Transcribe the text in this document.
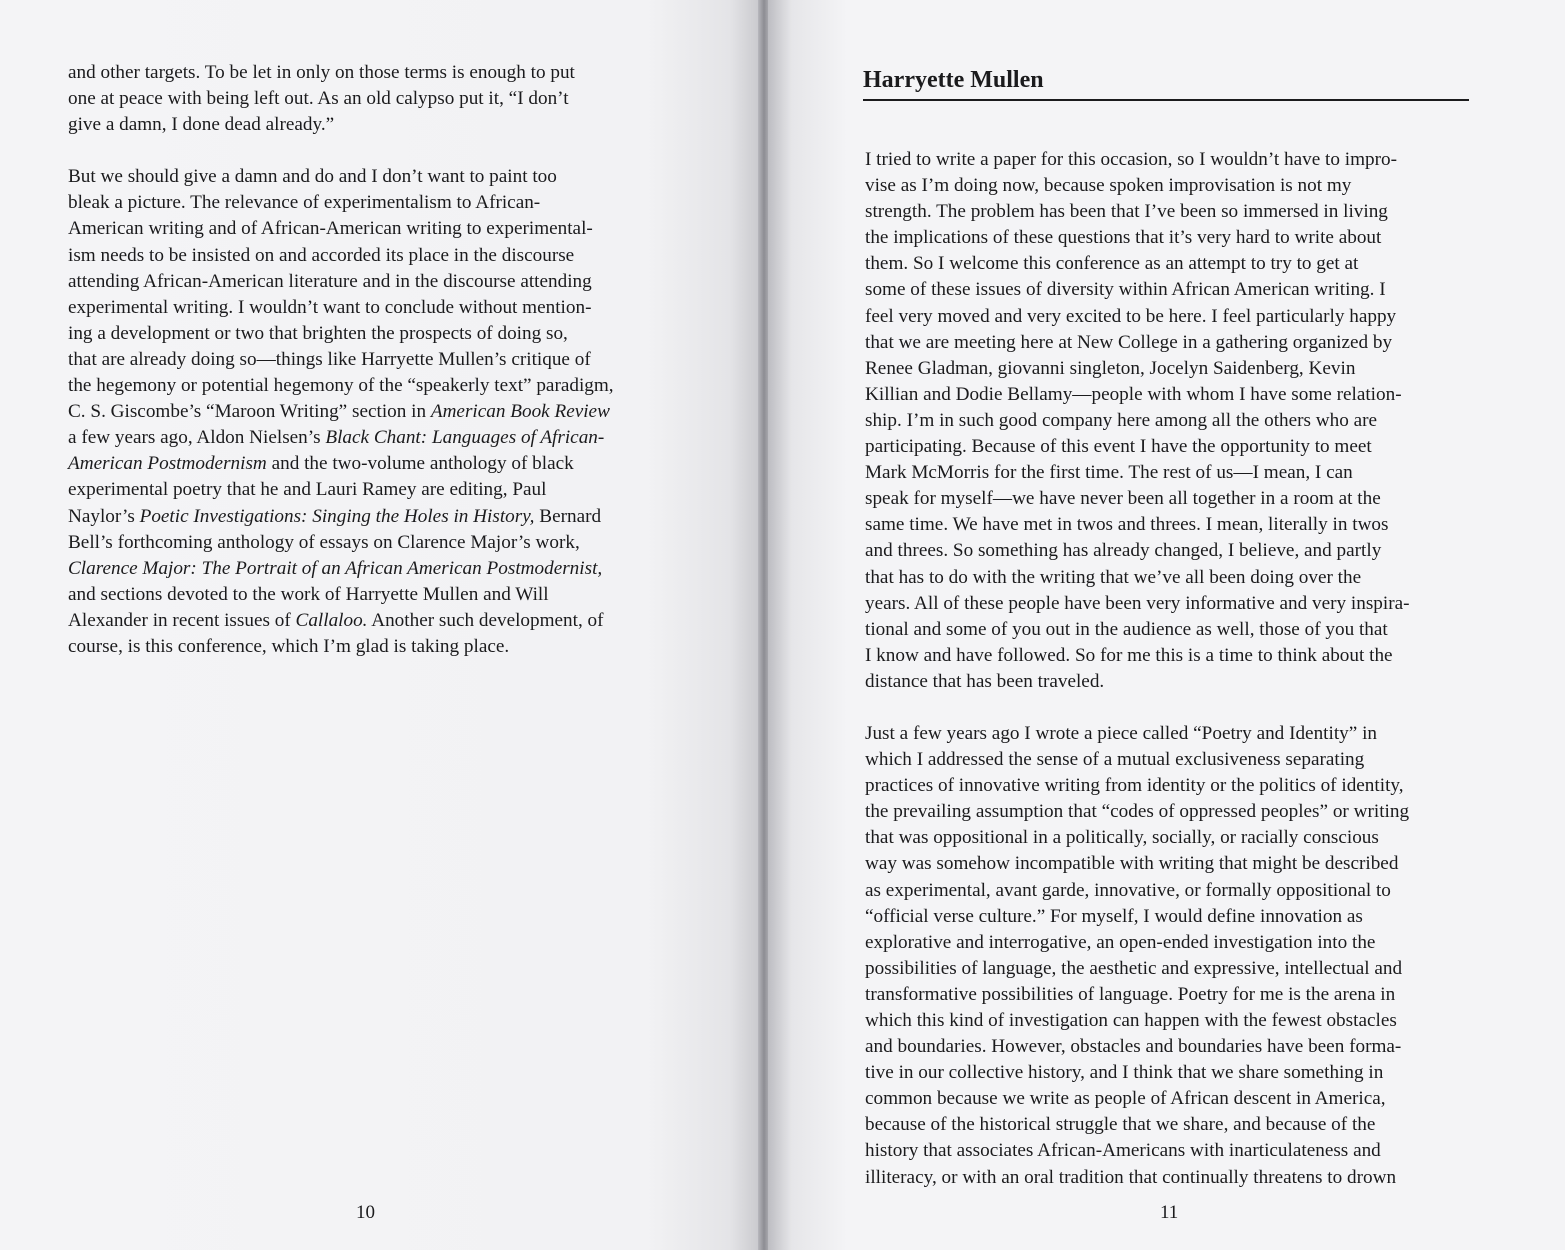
and other targets. To be let in only on those terms is enough to put
one at peace with being left out. As an old calypso put it, “I don’t
give a damn, I done dead already.”

But we should give a damn and do and I don’t want to paint too
bleak a picture. The relevance of experimentalism to African-
American writing and of African-American writing to experimental-
ism needs to be insisted on and accorded its place in the discourse
attending African-American literature and in the discourse attending
experimental writing. I wouldn’t want to conclude without mention-
ing a development or two that brighten the prospects of doing so,
that are already doing so—things like Harryette Mullen’s critique of
the hegemony or potential hegemony of the “speakerly text” paradigm,
C. S. Giscombe’s “Maroon Writing” section in American Book Review
a few years ago, Aldon Nielsen’s Black Chant: Languages of African-
American Postmodernism and the two-volume anthology of black
experimental poetry that he and Lauri Ramey are editing, Paul
Naylor’s Poetic Investigations: Singing the Holes in History, Bernard
Bell’s forthcoming anthology of essays on Clarence Major’s work,
Clarence Major: The Portrait of an African American Postmodernist,
and sections devoted to the work of Harryette Mullen and Will
Alexander in recent issues of Callaloo. Another such development, of
course, is this conference, which I’m glad is taking place.

10
Harryette Mullen

I tried to write a paper for this occasion, so I wouldn’t have to impro-
vise as I’m doing now, because spoken improvisation is not my
strength. The problem has been that I’ve been so immersed in living
the implications of these questions that it’s very hard to write about
them. So I welcome this conference as an attempt to try to get at
some of these issues of diversity within African American writing. I
feel very moved and very excited to be here. I feel particularly happy
that we are meeting here at New College in a gathering organized by
Renee Gladman, giovanni singleton, Jocelyn Saidenberg, Kevin
Killian and Dodie Bellamy—people with whom I have some relation-
ship. I’m in such good company here among all the others who are
participating. Because of this event I have the opportunity to meet
Mark McMorris for the first time. The rest of us—I mean, I can
speak for myself—we have never been all together in a room at the
same time. We have met in twos and threes. I mean, literally in twos
and threes. So something has already changed, I believe, and partly
that has to do with the writing that we’ve all been doing over the
years. All of these people have been very informative and very inspira-
tional and some of you out in the audience as well, those of you that
I know and have followed. So for me this is a time to think about the
distance that has been traveled.

Just a few years ago I wrote a piece called “Poetry and Identity” in
which I addressed the sense of a mutual exclusiveness separating
practices of innovative writing from identity or the politics of identity,
the prevailing assumption that “codes of oppressed peoples” or writing
that was oppositional in a politically, socially, or racially conscious
way was somehow incompatible with writing that might be described
as experimental, avant garde, innovative, or formally oppositional to
“official verse culture.” For myself, I would define innovation as
explorative and interrogative, an open-ended investigation into the
possibilities of language, the aesthetic and expressive, intellectual and
transformative possibilities of language. Poetry for me is the arena in
which this kind of investigation can happen with the fewest obstacles
and boundaries. However, obstacles and boundaries have been forma-
tive in our collective history, and I think that we share something in
common because we write as people of African descent in America,
because of the historical struggle that we share, and because of the
history that associates African-Americans with inarticulateness and
illiteracy, or with an oral tradition that continually threatens to drown

11
